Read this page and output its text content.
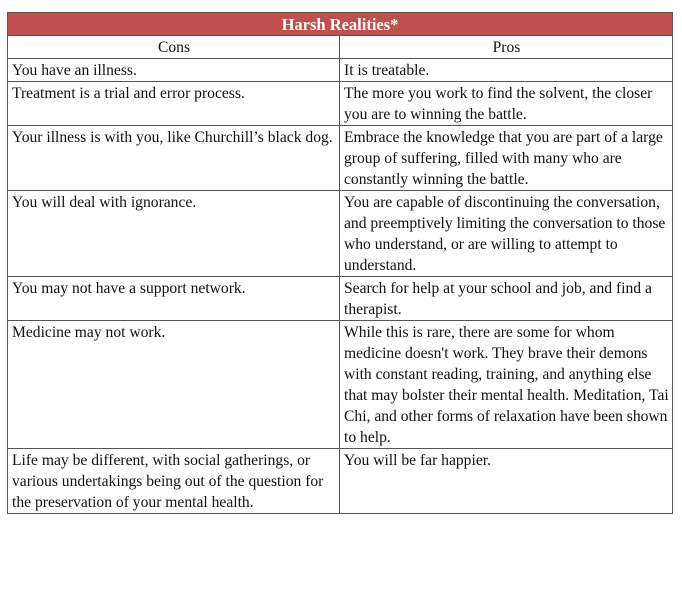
Harsh Realities*	
Cons	Pros
You have an illness.	It is treatable.
Treatment is a trial and error process.	The more you work to find the solvent, the closer you are to winning the battle.
Your illness is with you, like Churchill’s black dog.	Embrace the knowledge that you are part of a large group of suffering, filled with many who are constantly winning the battle.
You will deal with ignorance.	You are capable of discontinuing the conversation, and preemptively limiting the conversation to those who understand, or are willing to attempt to understand.
You may not have a support network.	Search for help at your school and job, and find a therapist.
Medicine may not work.	While this is rare, there are some for whom medicine doesn't work. They brave their demons with constant reading, training, and anything else that may bolster their mental health. Meditation, Tai Chi, and other forms of relaxation have been shown to help.
Life may be different, with social gatherings, or various undertakings being out of the question for the preservation of your mental health.	You will be far happier.
